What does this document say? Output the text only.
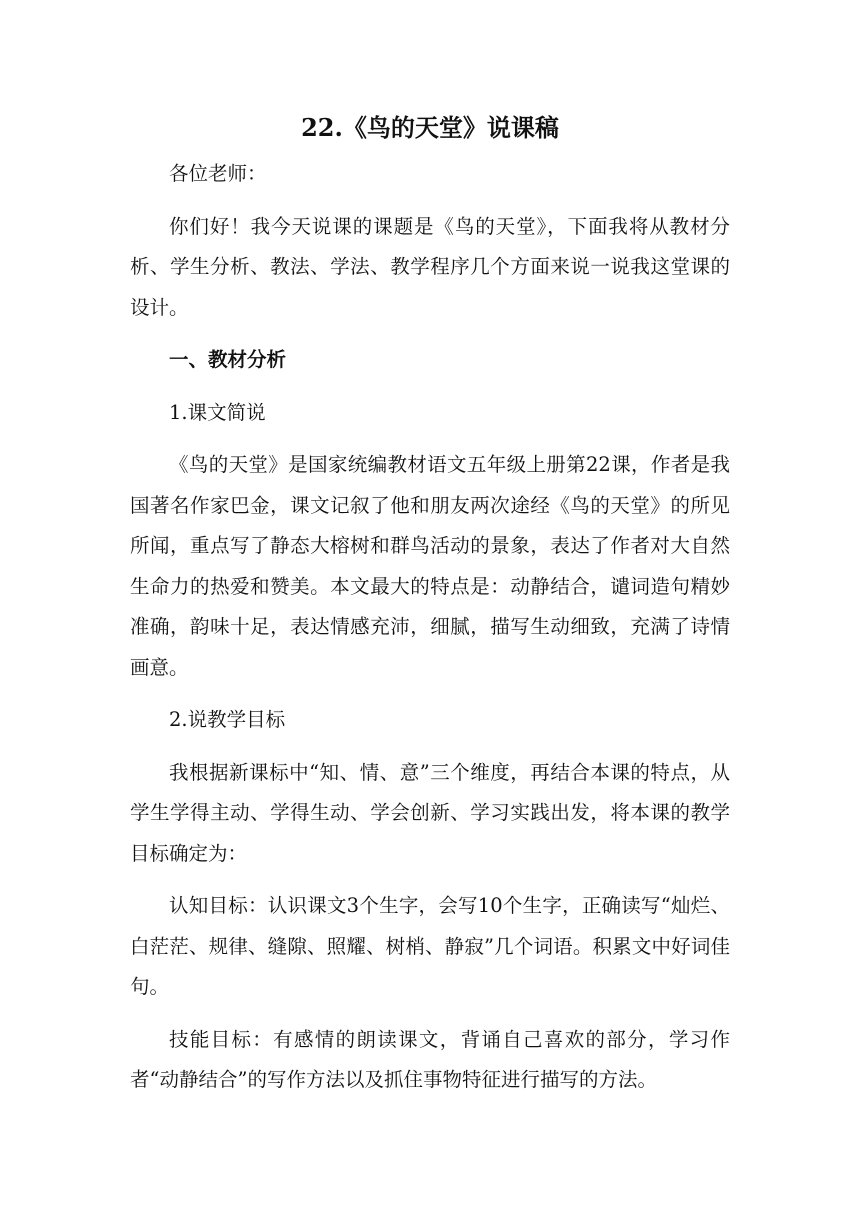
22.《鸟的天堂》说课稿

各位老师：

你们好！我今天说课的课题是《鸟的天堂》，下面我将从教材分析、学生分析、教法、学法、教学程序几个方面来说一说我这堂课的设计。

一、教材分析

1.课文简说

《鸟的天堂》是国家统编教材语文五年级上册第22课，作者是我国著名作家巴金，课文记叙了他和朋友两次途经《鸟的天堂》的所见所闻，重点写了静态大榕树和群鸟活动的景象，表达了作者对大自然生命力的热爱和赞美。本文最大的特点是：动静结合，谴词造句精妙准确，韵味十足，表达情感充沛，细腻，描写生动细致，充满了诗情画意。

2.说教学目标

我根据新课标中“知、情、意”三个维度，再结合本课的特点，从学生学得主动、学得生动、学会创新、学习实践出发，将本课的教学目标确定为：

认知目标：认识课文3个生字，会写10个生字，正确读写“灿烂、白茫茫、规律、缝隙、照耀、树梢、静寂”几个词语。积累文中好词佳句。

技能目标：有感情的朗读课文，背诵自己喜欢的部分，学习作者“动静结合”的写作方法以及抓住事物特征进行描写的方法。
